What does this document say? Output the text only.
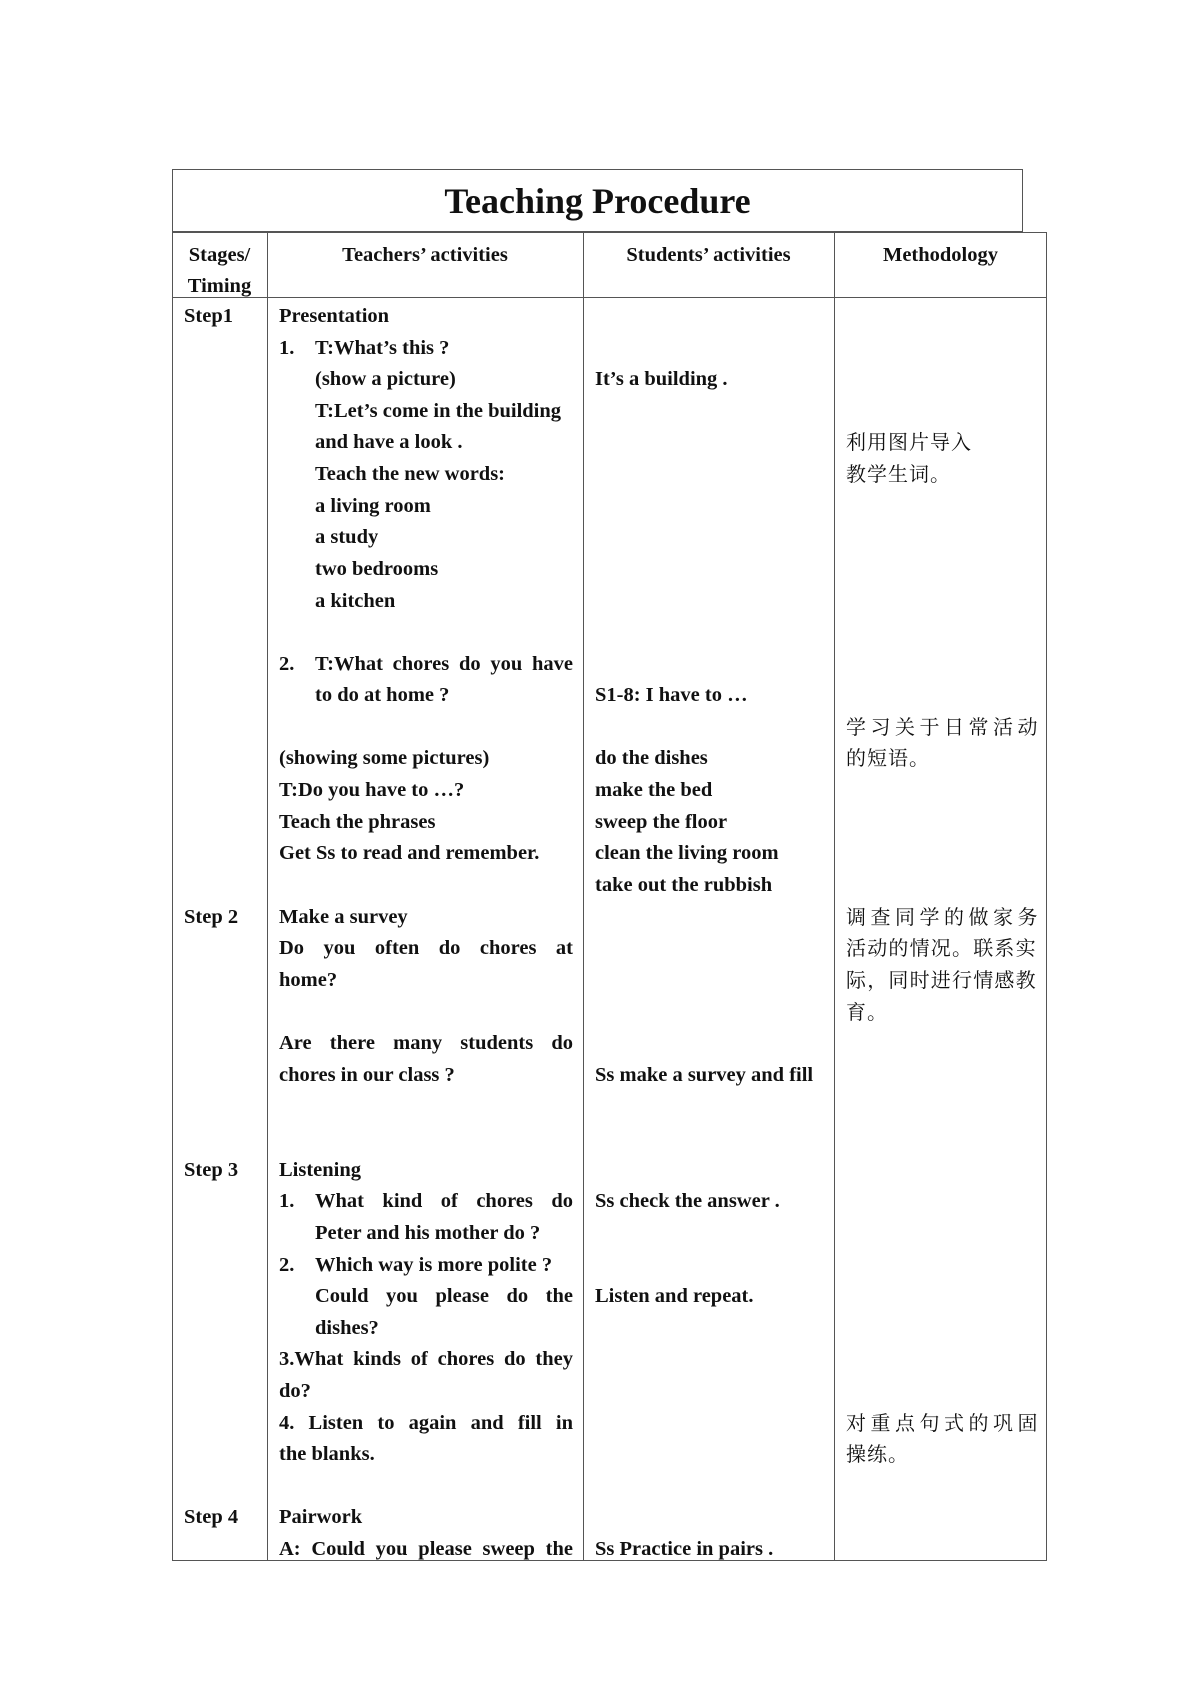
Teaching Procedure
Stages/
Timing
Teachers’ activities	Students’ activities	Methodology
Step1
Step 2
Step 3
Step 4
Presentation
1. T:What’s this ?
(show a picture)
T:Let’s come in the building
and have a look .
Teach the new words:
a living room
a study
two bedrooms
a kitchen
2. T:What chores do you have
to do at home ?
(showing some pictures)
T:Do you have to …?
Teach the phrases
Get Ss to read and remember.
Make a survey
Do you often do chores at
home?
Are there many students do
chores in our class ?
Listening
1. What kind of chores do
Peter and his mother do ?
2. Which way is more polite ?
Could you please do the
dishes?
3.What kinds of chores do they
do?
4. Listen to again and fill in
the blanks.
Pairwork
A: Could you please sweep the
It’s a building .
S1-8: I have to …
do the dishes
make the bed
sweep the floor
clean the living room
take out the rubbish
Ss make a survey and fill
Ss check the answer .
Listen and repeat.
Ss Practice in pairs .
利用图片导入
教学生词。
学习关于日常活动
的短语。
调查同学的做家务
活动的情况。联系实
际，同时进行情感教
育。
对重点句式的巩固
操练。
